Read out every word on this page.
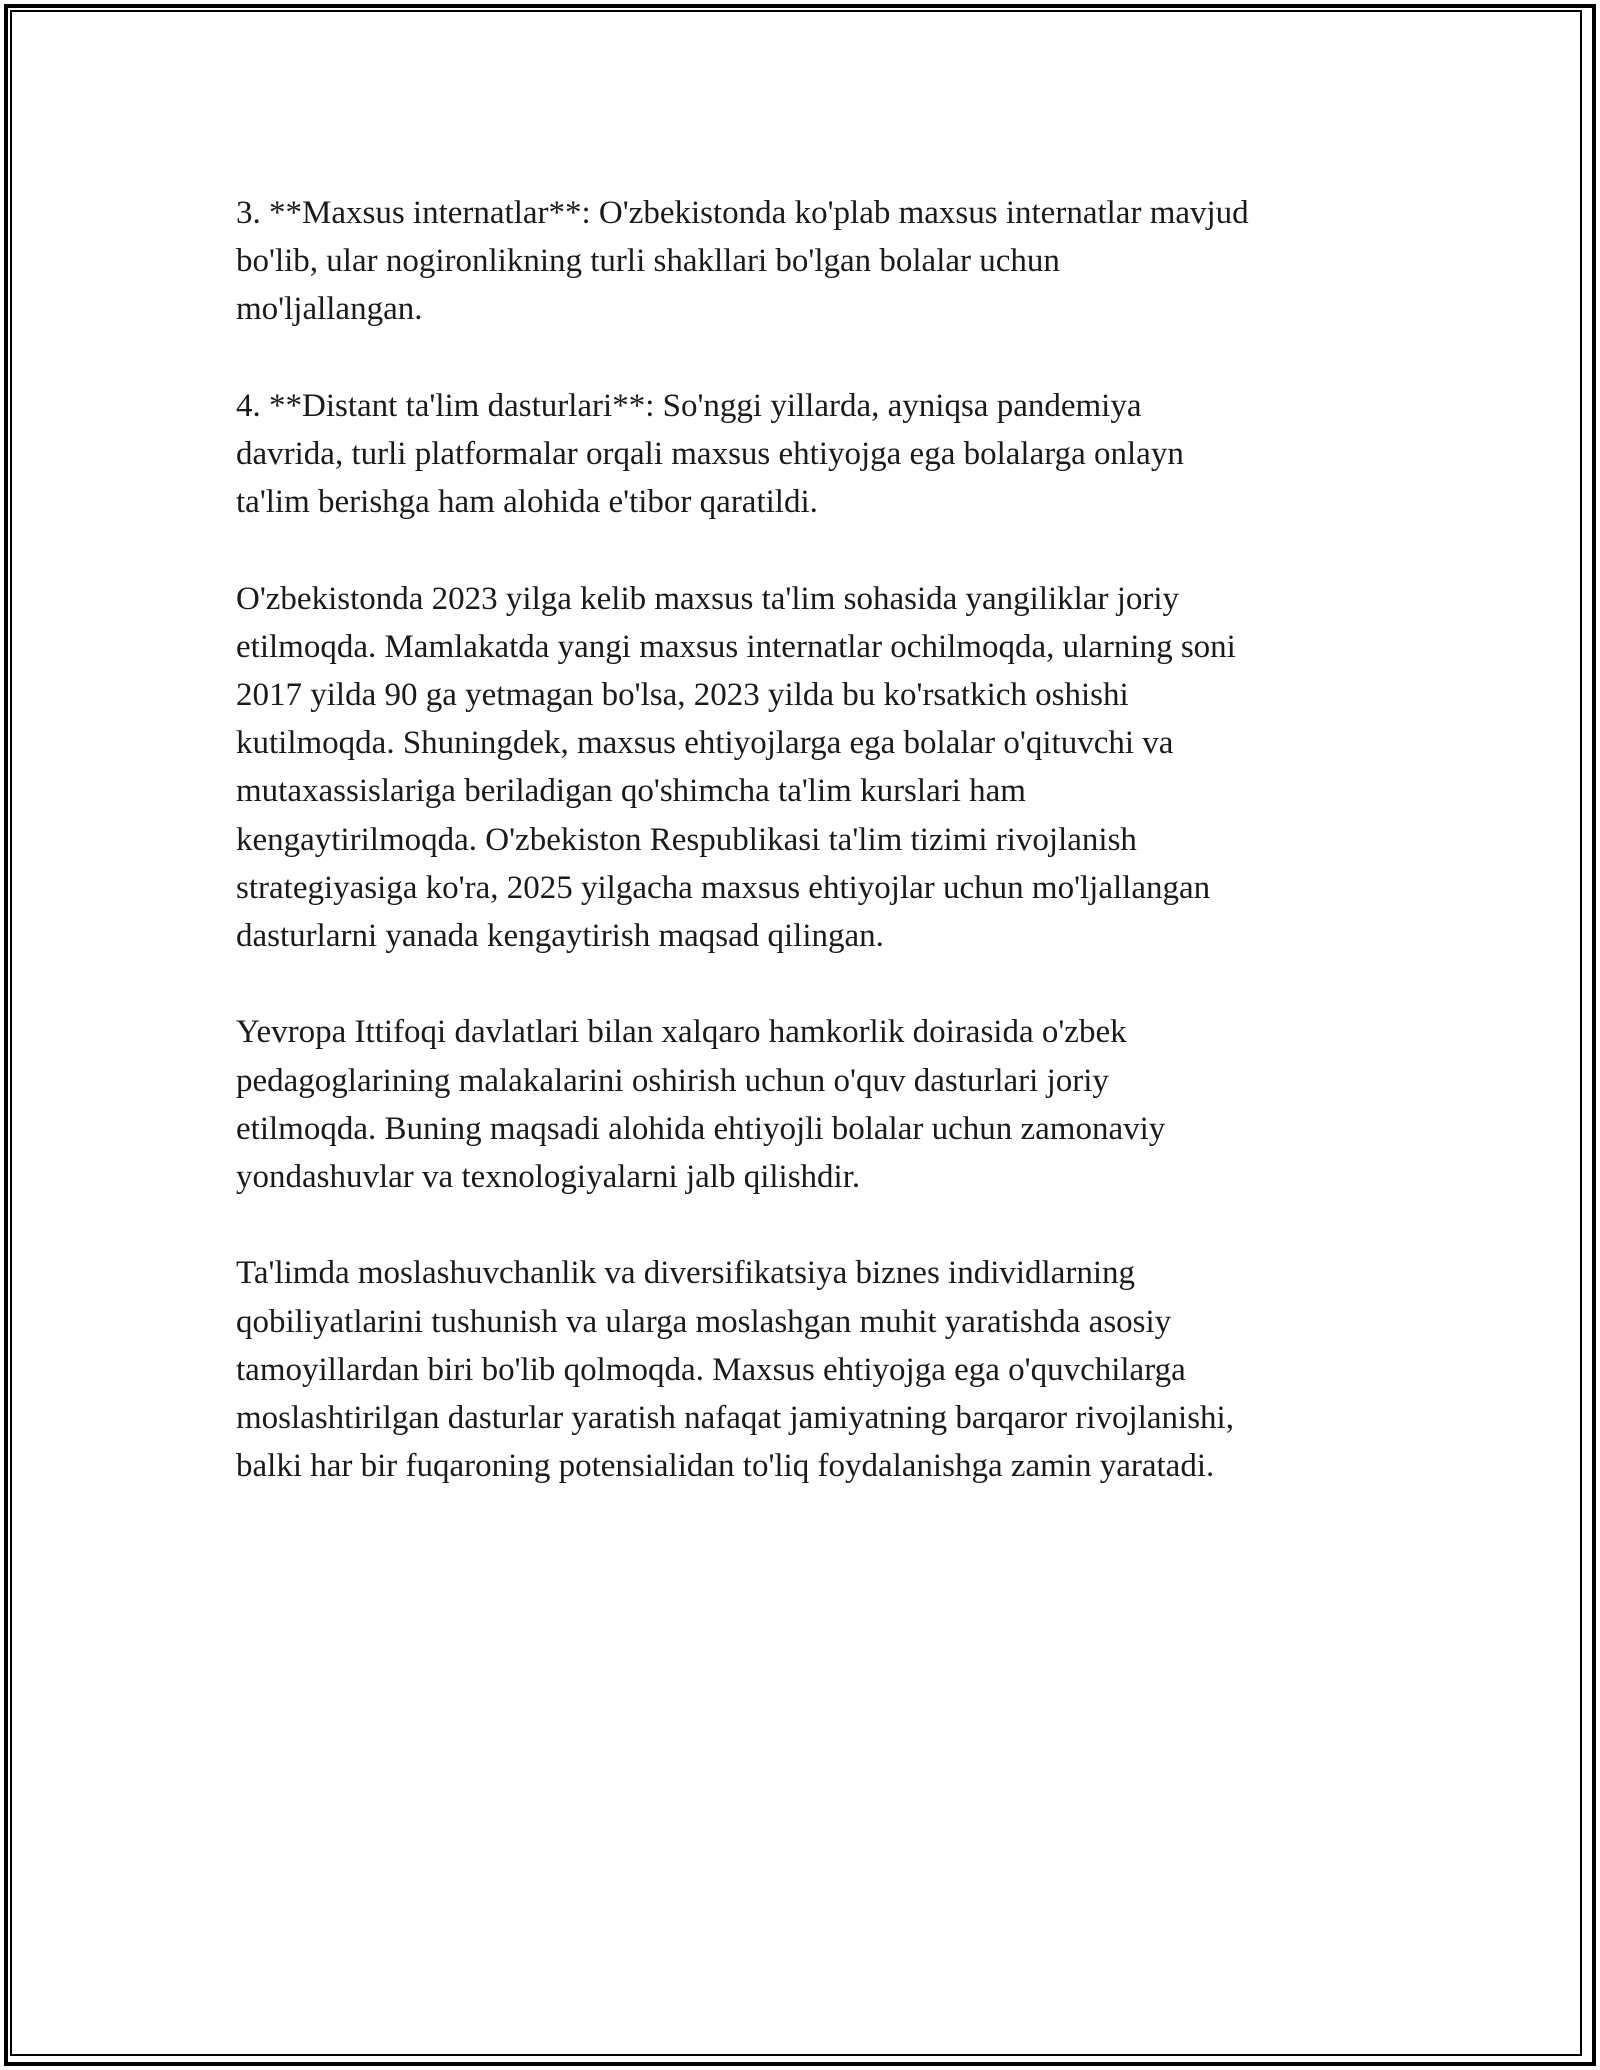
3. **Maxsus internatlar**: O'zbekistonda ko'plab maxsus internatlar mavjud
bo'lib, ular nogironlikning turli shakllari bo'lgan bolalar uchun
mo'ljallangan.

4. **Distant ta'lim dasturlari**: So'nggi yillarda, ayniqsa pandemiya
davrida, turli platformalar orqali maxsus ehtiyojga ega bolalarga onlayn
ta'lim berishga ham alohida e'tibor qaratildi.

O'zbekistonda 2023 yilga kelib maxsus ta'lim sohasida yangiliklar joriy
etilmoqda. Mamlakatda yangi maxsus internatlar ochilmoqda, ularning soni
2017 yilda 90 ga yetmagan bo'lsa, 2023 yilda bu ko'rsatkich oshishi
kutilmoqda. Shuningdek, maxsus ehtiyojlarga ega bolalar o'qituvchi va
mutaxassislariga beriladigan qo'shimcha ta'lim kurslari ham
kengaytirilmoqda. O'zbekiston Respublikasi ta'lim tizimi rivojlanish
strategiyasiga ko'ra, 2025 yilgacha maxsus ehtiyojlar uchun mo'ljallangan
dasturlarni yanada kengaytirish maqsad qilingan.

Yevropa Ittifoqi davlatlari bilan xalqaro hamkorlik doirasida o'zbek
pedagoglarining malakalarini oshirish uchun o'quv dasturlari joriy
etilmoqda. Buning maqsadi alohida ehtiyojli bolalar uchun zamonaviy
yondashuvlar va texnologiyalarni jalb qilishdir.

Ta'limda moslashuvchanlik va diversifikatsiya biznes individlarning
qobiliyatlarini tushunish va ularga moslashgan muhit yaratishda asosiy
tamoyillardan biri bo'lib qolmoqda. Maxsus ehtiyojga ega o'quvchilarga
moslashtirilgan dasturlar yaratish nafaqat jamiyatning barqaror rivojlanishi,
balki har bir fuqaroning potensialidan to'liq foydalanishga zamin yaratadi.
